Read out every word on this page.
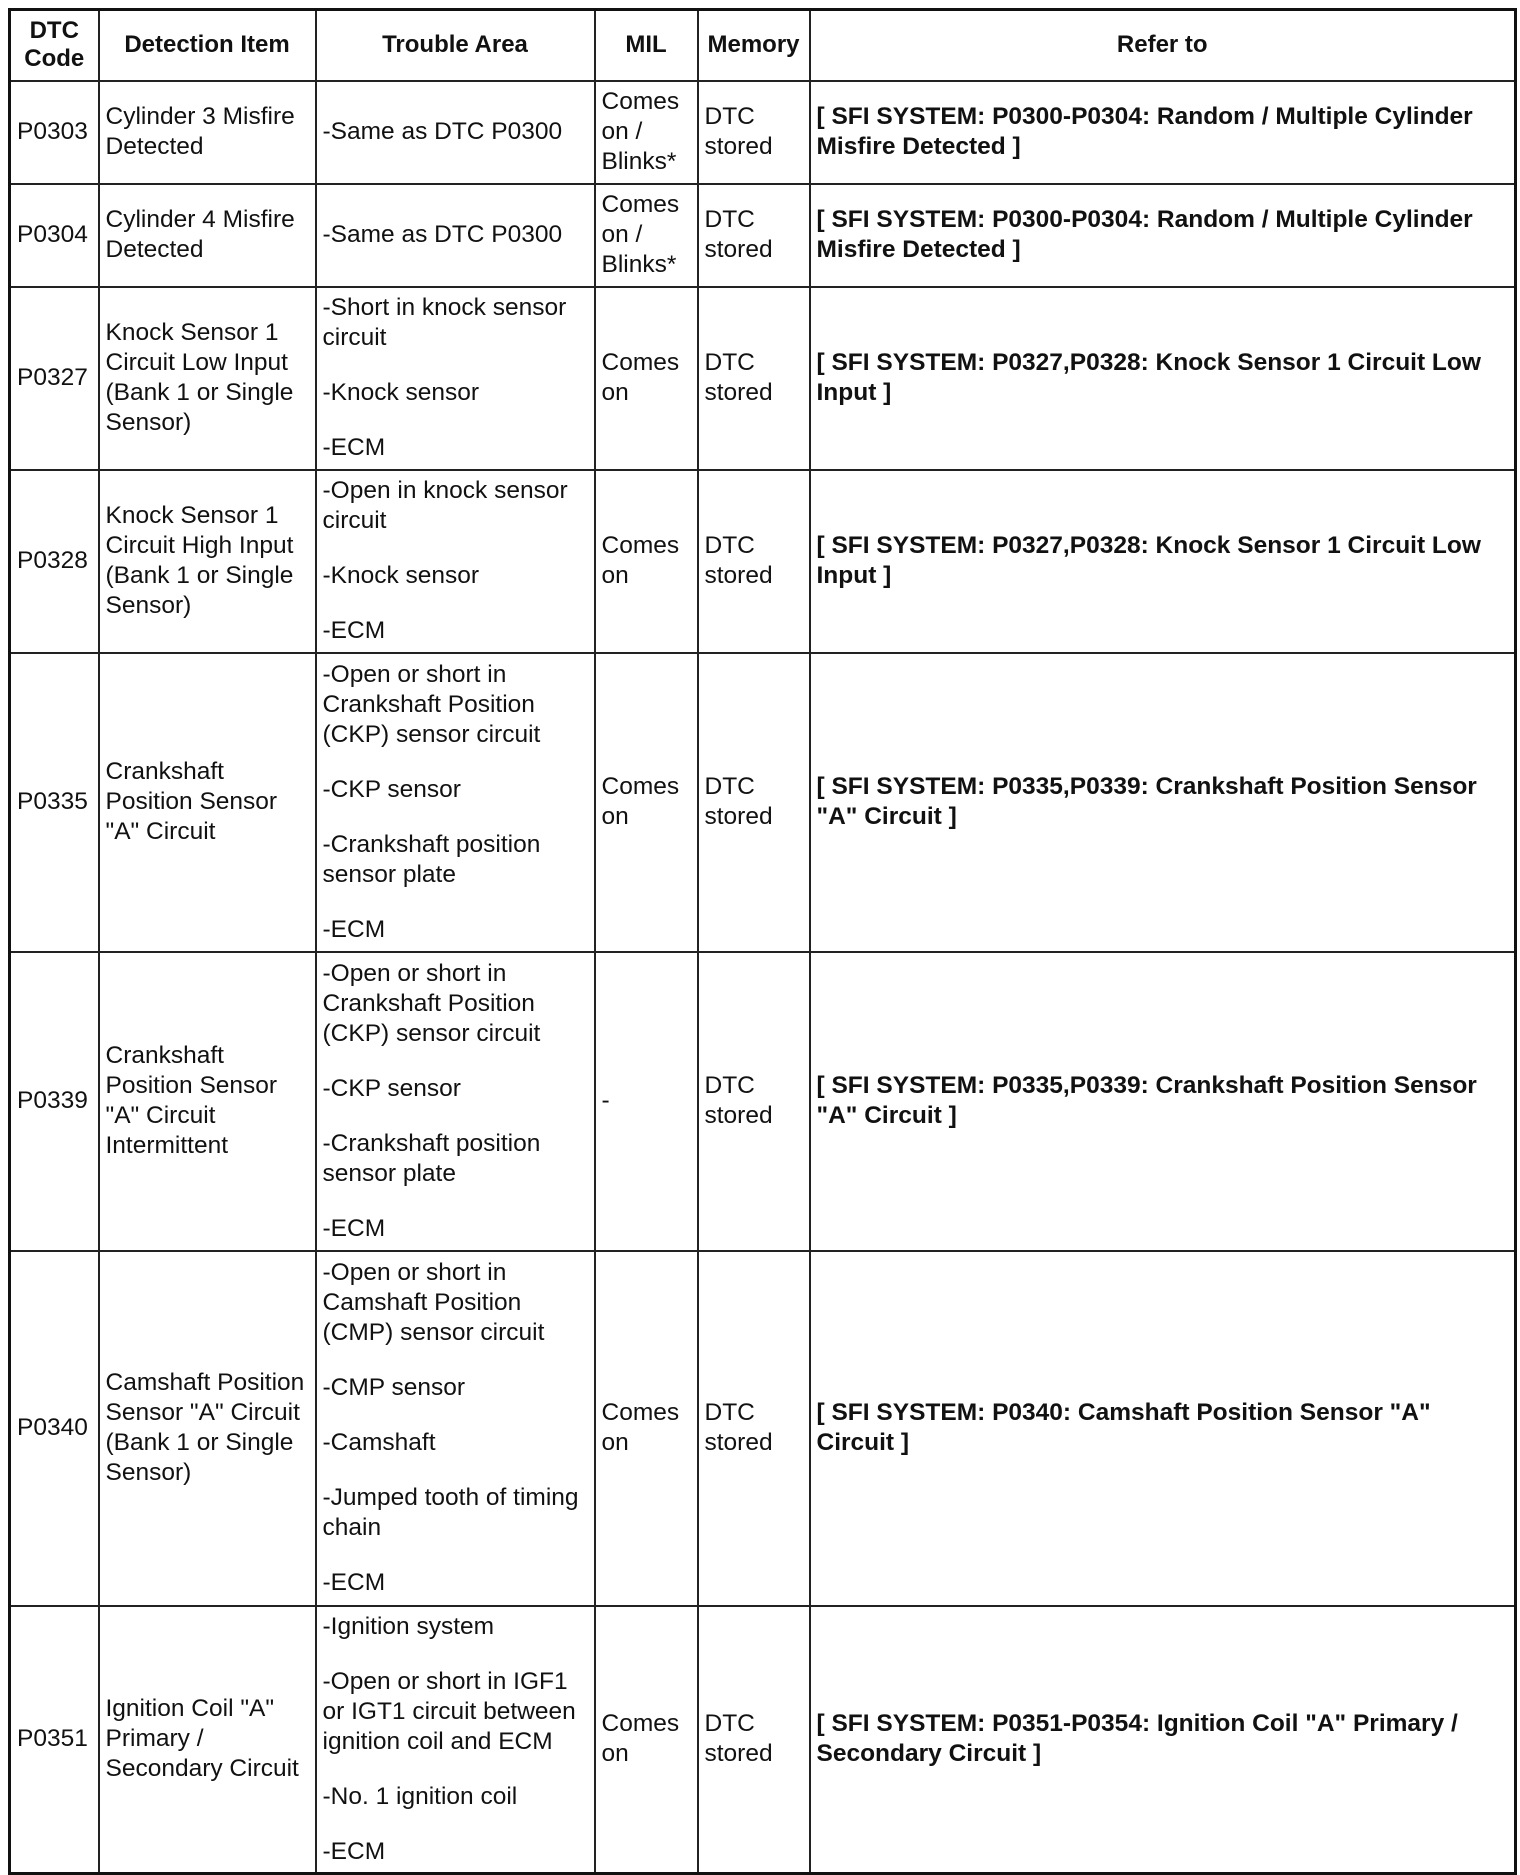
DTC Code	Detection Item	Trouble Area	MIL	Memory	Refer to
P0303	Cylinder 3 Misfire Detected	-Same as DTC P0300	Comes on / Blinks*	DTC stored	[ SFI SYSTEM: P0300-P0304: Random / Multiple Cylinder Misfire Detected ]
P0304	Cylinder 4 Misfire Detected	-Same as DTC P0300	Comes on / Blinks*	DTC stored	[ SFI SYSTEM: P0300-P0304: Random / Multiple Cylinder Misfire Detected ]
P0327	Knock Sensor 1 Circuit Low Input (Bank 1 or Single Sensor)	-Short in knock sensor circuit
-Knock sensor
-ECM	Comes on	DTC stored	[ SFI SYSTEM: P0327,P0328: Knock Sensor 1 Circuit Low Input ]
P0328	Knock Sensor 1 Circuit High Input (Bank 1 or Single Sensor)	-Open in knock sensor circuit
-Knock sensor
-ECM	Comes on	DTC stored	[ SFI SYSTEM: P0327,P0328: Knock Sensor 1 Circuit Low Input ]
P0335	Crankshaft Position Sensor "A" Circuit	-Open or short in Crankshaft Position (CKP) sensor circuit
-CKP sensor
-Crankshaft position sensor plate
-ECM	Comes on	DTC stored	[ SFI SYSTEM: P0335,P0339: Crankshaft Position Sensor "A" Circuit ]
P0339	Crankshaft Position Sensor "A" Circuit Intermittent	-Open or short in Crankshaft Position (CKP) sensor circuit
-CKP sensor
-Crankshaft position sensor plate
-ECM	-	DTC stored	[ SFI SYSTEM: P0335,P0339: Crankshaft Position Sensor "A" Circuit ]
P0340	Camshaft Position Sensor "A" Circuit (Bank 1 or Single Sensor)	-Open or short in Camshaft Position (CMP) sensor circuit
-CMP sensor
-Camshaft
-Jumped tooth of timing chain
-ECM	Comes on	DTC stored	[ SFI SYSTEM: P0340: Camshaft Position Sensor "A" Circuit ]
P0351	Ignition Coil "A" Primary / Secondary Circuit	-Ignition system
-Open or short in IGF1 or IGT1 circuit between ignition coil and ECM
-No. 1 ignition coil
-ECM	Comes on	DTC stored	[ SFI SYSTEM: P0351-P0354: Ignition Coil "A" Primary / Secondary Circuit ]
